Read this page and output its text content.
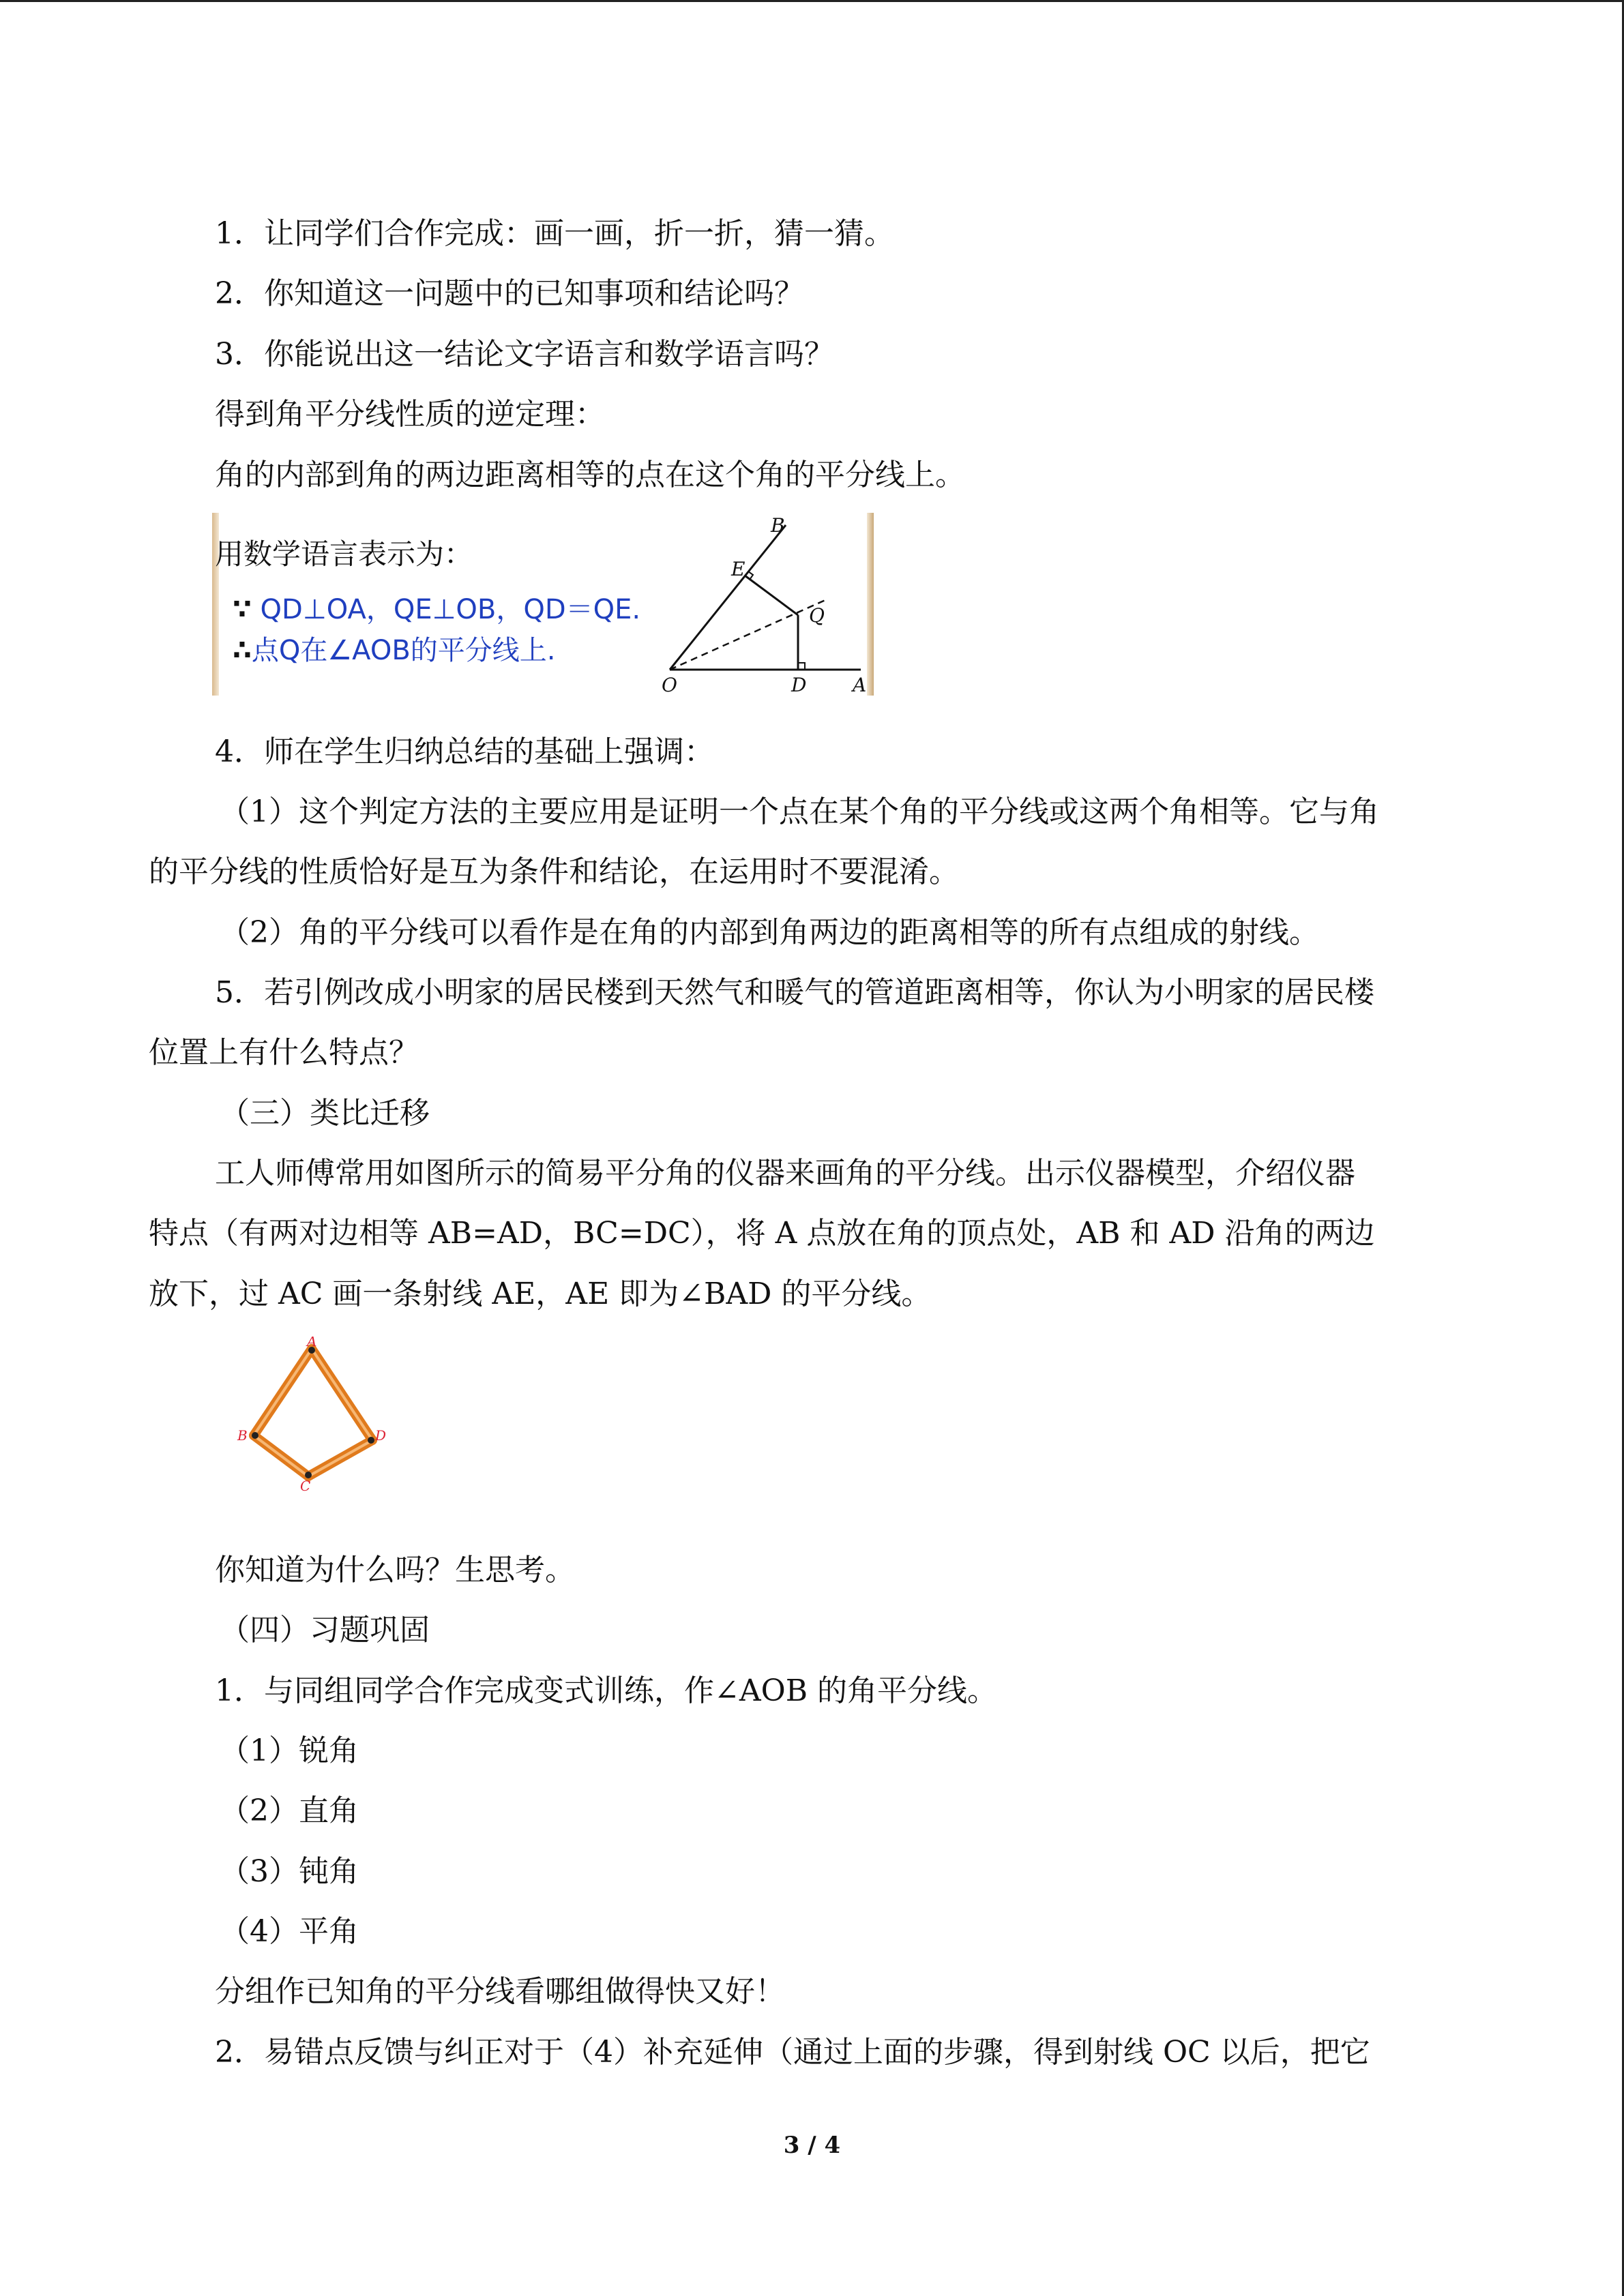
1．让同学们合作完成：画一画，折一折，猜一猜。
2．你知道这一问题中的已知事项和结论吗？
3．你能说出这一结论文字语言和数学语言吗？
得到角平分线性质的逆定理：
角的内部到角的两边距离相等的点在这个角的平分线上。
用数学语言表示为：
∵ QD⊥OA，QE⊥OB，QD＝QE.
∴点Q在∠AOB的平分线上.
B
E
Q
O	D A
4．师在学生归纳总结的基础上强调：
（1）这个判定方法的主要应用是证明一个点在某个角的平分线或这两个角相等。它与角
的平分线的性质恰好是互为条件和结论，在运用时不要混淆。
（2）角的平分线可以看作是在角的内部到角两边的距离相等的所有点组成的射线。
5．若引例改成小明家的居民楼到天然气和暖气的管道距离相等，你认为小明家的居民楼
位置上有什么特点？
（三）类比迁移
工人师傅常用如图所示的简易平分角的仪器来画角的平分线。出示仪器模型，介绍仪器
特点（有两对边相等 AB=AD，BC=DC），将 A 点放在角的顶点处，AB 和 AD 沿角的两边
放下，过 AC 画一条射线 AE，AE 即为∠BAD 的平分线。
A
B	D
C
你知道为什么吗？生思考。
（四）习题巩固
1．与同组同学合作完成变式训练，作∠AOB 的角平分线。
（1）锐角
（2）直角
（3）钝角
（4）平角
分组作已知角的平分线看哪组做得快又好！
2．易错点反馈与纠正对于（4）补充延伸（通过上面的步骤，得到射线 OC 以后，把它
3 / 4
